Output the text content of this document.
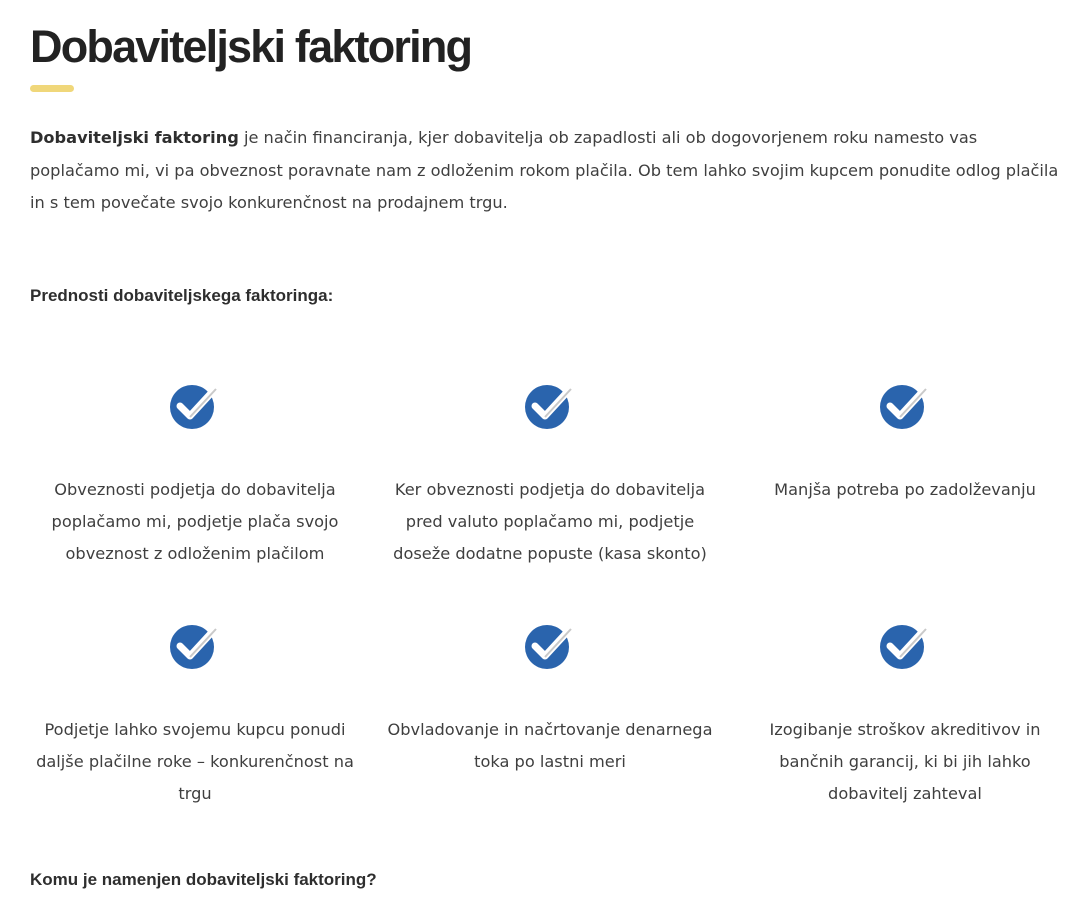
Dobaviteljski faktoring

Dobaviteljski faktoring je način financiranja, kjer dobavitelja ob zapadlosti ali ob dogovorjenem roku namesto vas poplačamo mi, vi pa obveznost poravnate nam z odloženim rokom plačila. Ob tem lahko svojim kupcem ponudite odlog plačila in s tem povečate svojo konkurenčnost na prodajnem trgu.

Prednosti dobaviteljskega faktoringa:

Obveznosti podjetja do dobavitelja poplačamo mi, podjetje plača svojo obveznost z odloženim plačilom

Ker obveznosti podjetja do dobavitelja pred valuto poplačamo mi, podjetje doseže dodatne popuste (kasa skonto)

Manjša potreba po zadolževanju

Podjetje lahko svojemu kupcu ponudi daljše plačilne roke – konkurenčnost na trgu

Obvladovanje in načrtovanje denarnega toka po lastni meri

Izogibanje stroškov akreditivov in bančnih garancij, ki bi jih lahko dobavitelj zahteval

Komu je namenjen dobaviteljski faktoring?
